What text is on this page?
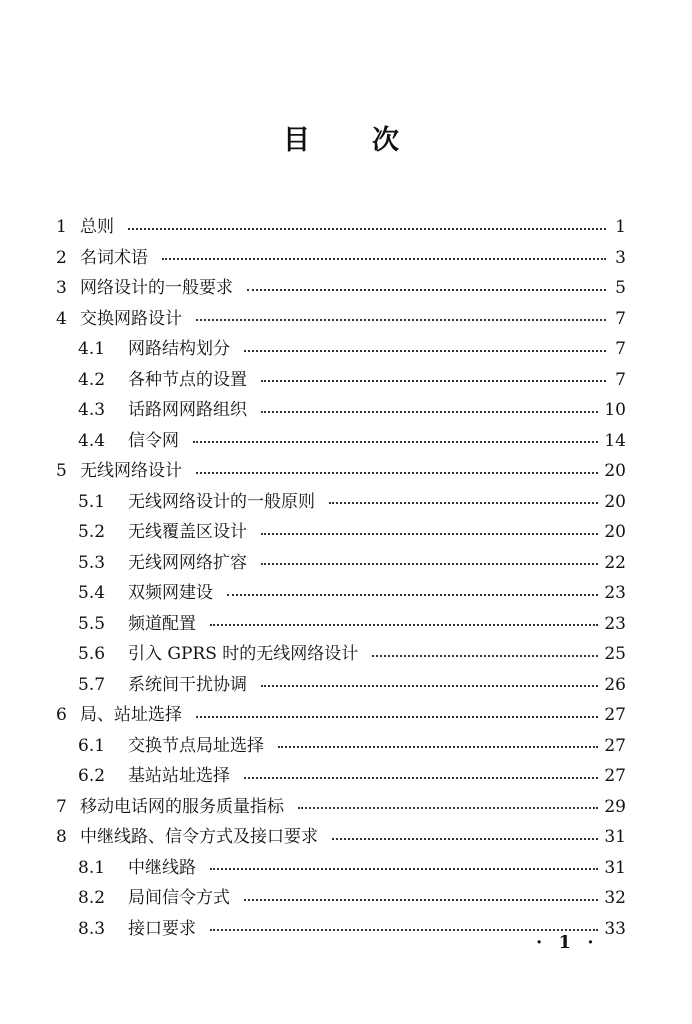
目 次
1 总则	1
2 名词术语	3
3 网络设计的一般要求	5
4 交换网路设计	7
4.1	网路结构划分	7
4.2	各种节点的设置	7
4.3	话路网网路组织	10
4.4	信令网	14
5 无线网络设计	20
5.1	无线网络设计的一般原则	20
5.2	无线覆盖区设计	20
5.3	无线网网络扩容	22
5.4	双频网建设	23
5.5	频道配置	23
5.6	引入 GPRS 时的无线网络设计	25
5.7	系统间干扰协调	26
6 局、站址选择	27
6.1	交换节点局址选择	27
6.2	基站站址选择	27
7 移动电话网的服务质量指标	29
8 中继线路、信令方式及接口要求	31
8.1	中继线路	31
8.2	局间信令方式	32
8.3	接口要求	33
· 1 ·
